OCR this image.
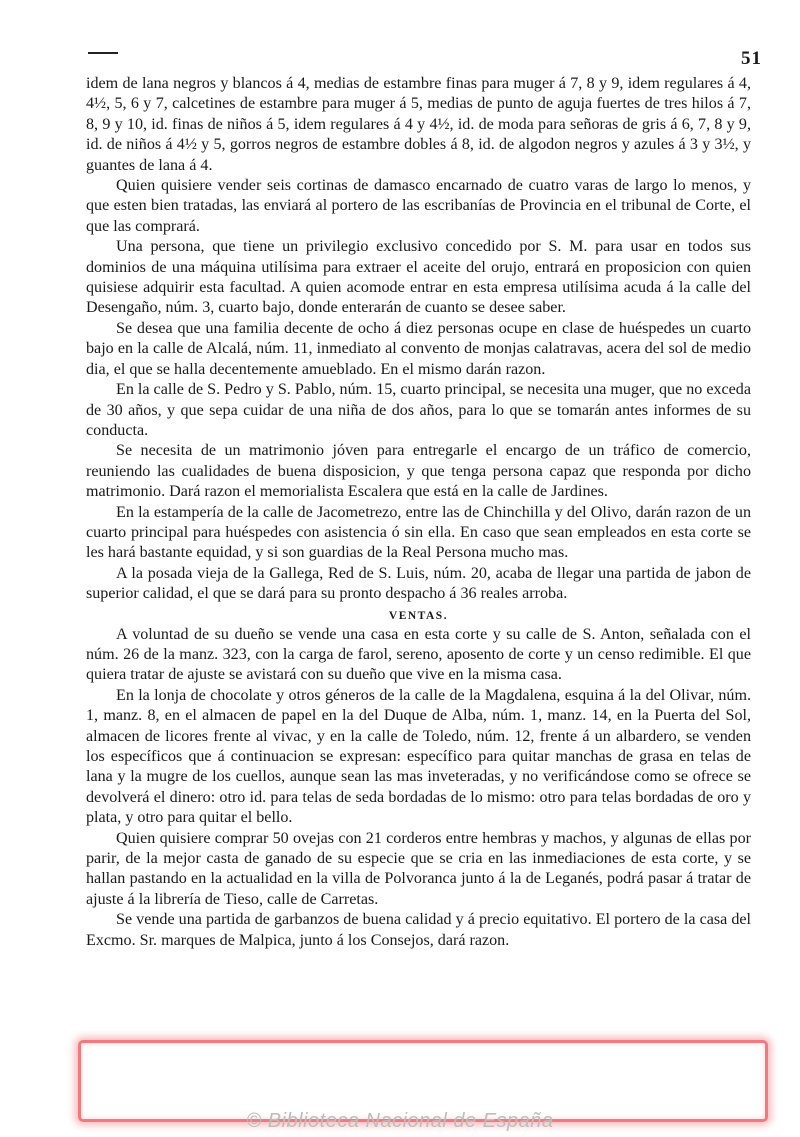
51

idem de lana negros y blancos á 4, medias de estambre finas para muger á 7, 8 y 9, idem regulares á 4, 4½, 5, 6 y 7, calcetines de estambre para muger á 5, medias de punto de aguja fuertes de tres hilos á 7, 8, 9 y 10, id. finas de niños á 5, idem regulares á 4 y 4½, id. de moda para señoras de gris á 6, 7, 8 y 9, id. de niños á 4½ y 5, gorros negros de estambre dobles á 8, id. de algodon negros y azules á 3 y 3½, y guantes de lana á 4.

Quien quisiere vender seis cortinas de damasco encarnado de cuatro varas de largo lo menos, y que esten bien tratadas, las enviará al portero de las escribanías de Provincia en el tribunal de Corte, el que las comprará.

Una persona, que tiene un privilegio exclusivo concedido por S. M. para usar en todos sus dominios de una máquina utilísima para extraer el aceite del orujo, entrará en proposicion con quien quisiese adquirir esta facultad. A quien acomode entrar en esta empresa utilísima acuda á la calle del Desengaño, núm. 3, cuarto bajo, donde enterarán de cuanto se desee saber.

Se desea que una familia decente de ocho á diez personas ocupe en clase de huéspedes un cuarto bajo en la calle de Alcalá, núm. 11, inmediato al convento de monjas calatravas, acera del sol de medio dia, el que se halla decentemente amueblado. En el mismo darán razon.

En la calle de S. Pedro y S. Pablo, núm. 15, cuarto principal, se necesita una muger, que no exceda de 30 años, y que sepa cuidar de una niña de dos años, para lo que se tomarán antes informes de su conducta.

Se necesita de un matrimonio jóven para entregarle el encargo de un tráfico de comercio, reuniendo las cualidades de buena disposicion, y que tenga persona capaz que responda por dicho matrimonio. Dará razon el memorialista Escalera que está en la calle de Jardines.

En la estampería de la calle de Jacometrezo, entre las de Chinchilla y del Olivo, darán razon de un cuarto principal para huéspedes con asistencia ó sin ella. En caso que sean empleados en esta corte se les hará bastante equidad, y si son guardias de la Real Persona mucho mas.

A la posada vieja de la Gallega, Red de S. Luis, núm. 20, acaba de llegar una partida de jabon de superior calidad, el que se dará para su pronto despacho á 36 reales arroba.

VENTAS.

A voluntad de su dueño se vende una casa en esta corte y su calle de S. Anton, señalada con el núm. 26 de la manz. 323, con la carga de farol, sereno, aposento de corte y un censo redimible. El que quiera tratar de ajuste se avistará con su dueño que vive en la misma casa.

En la lonja de chocolate y otros géneros de la calle de la Magdalena, esquina á la del Olivar, núm. 1, manz. 8, en el almacen de papel en la del Duque de Alba, núm. 1, manz. 14, en la Puerta del Sol, almacen de licores frente al vivac, y en la calle de Toledo, núm. 12, frente á un albardero, se venden los específicos que á continuacion se expresan: específico para quitar manchas de grasa en telas de lana y la mugre de los cuellos, aunque sean las mas inveteradas, y no verificándose como se ofrece se devolverá el dinero: otro id. para telas de seda bordadas de lo mismo: otro para telas bordadas de oro y plata, y otro para quitar el bello.

Quien quisiere comprar 50 ovejas con 21 corderos entre hembras y machos, y algunas de ellas por parir, de la mejor casta de ganado de su especie que se cria en las inmediaciones de esta corte, y se hallan pastando en la actualidad en la villa de Polvoranca junto á la de Leganés, podrá pasar á tratar de ajuste á la librería de Tieso, calle de Carretas.

Se vende una partida de garbanzos de buena calidad y á precio equitativo. El portero de la casa del Excmo. Sr. marques de Malpica, junto á los Consejos, dará razon.

© Biblioteca Nacional de España
